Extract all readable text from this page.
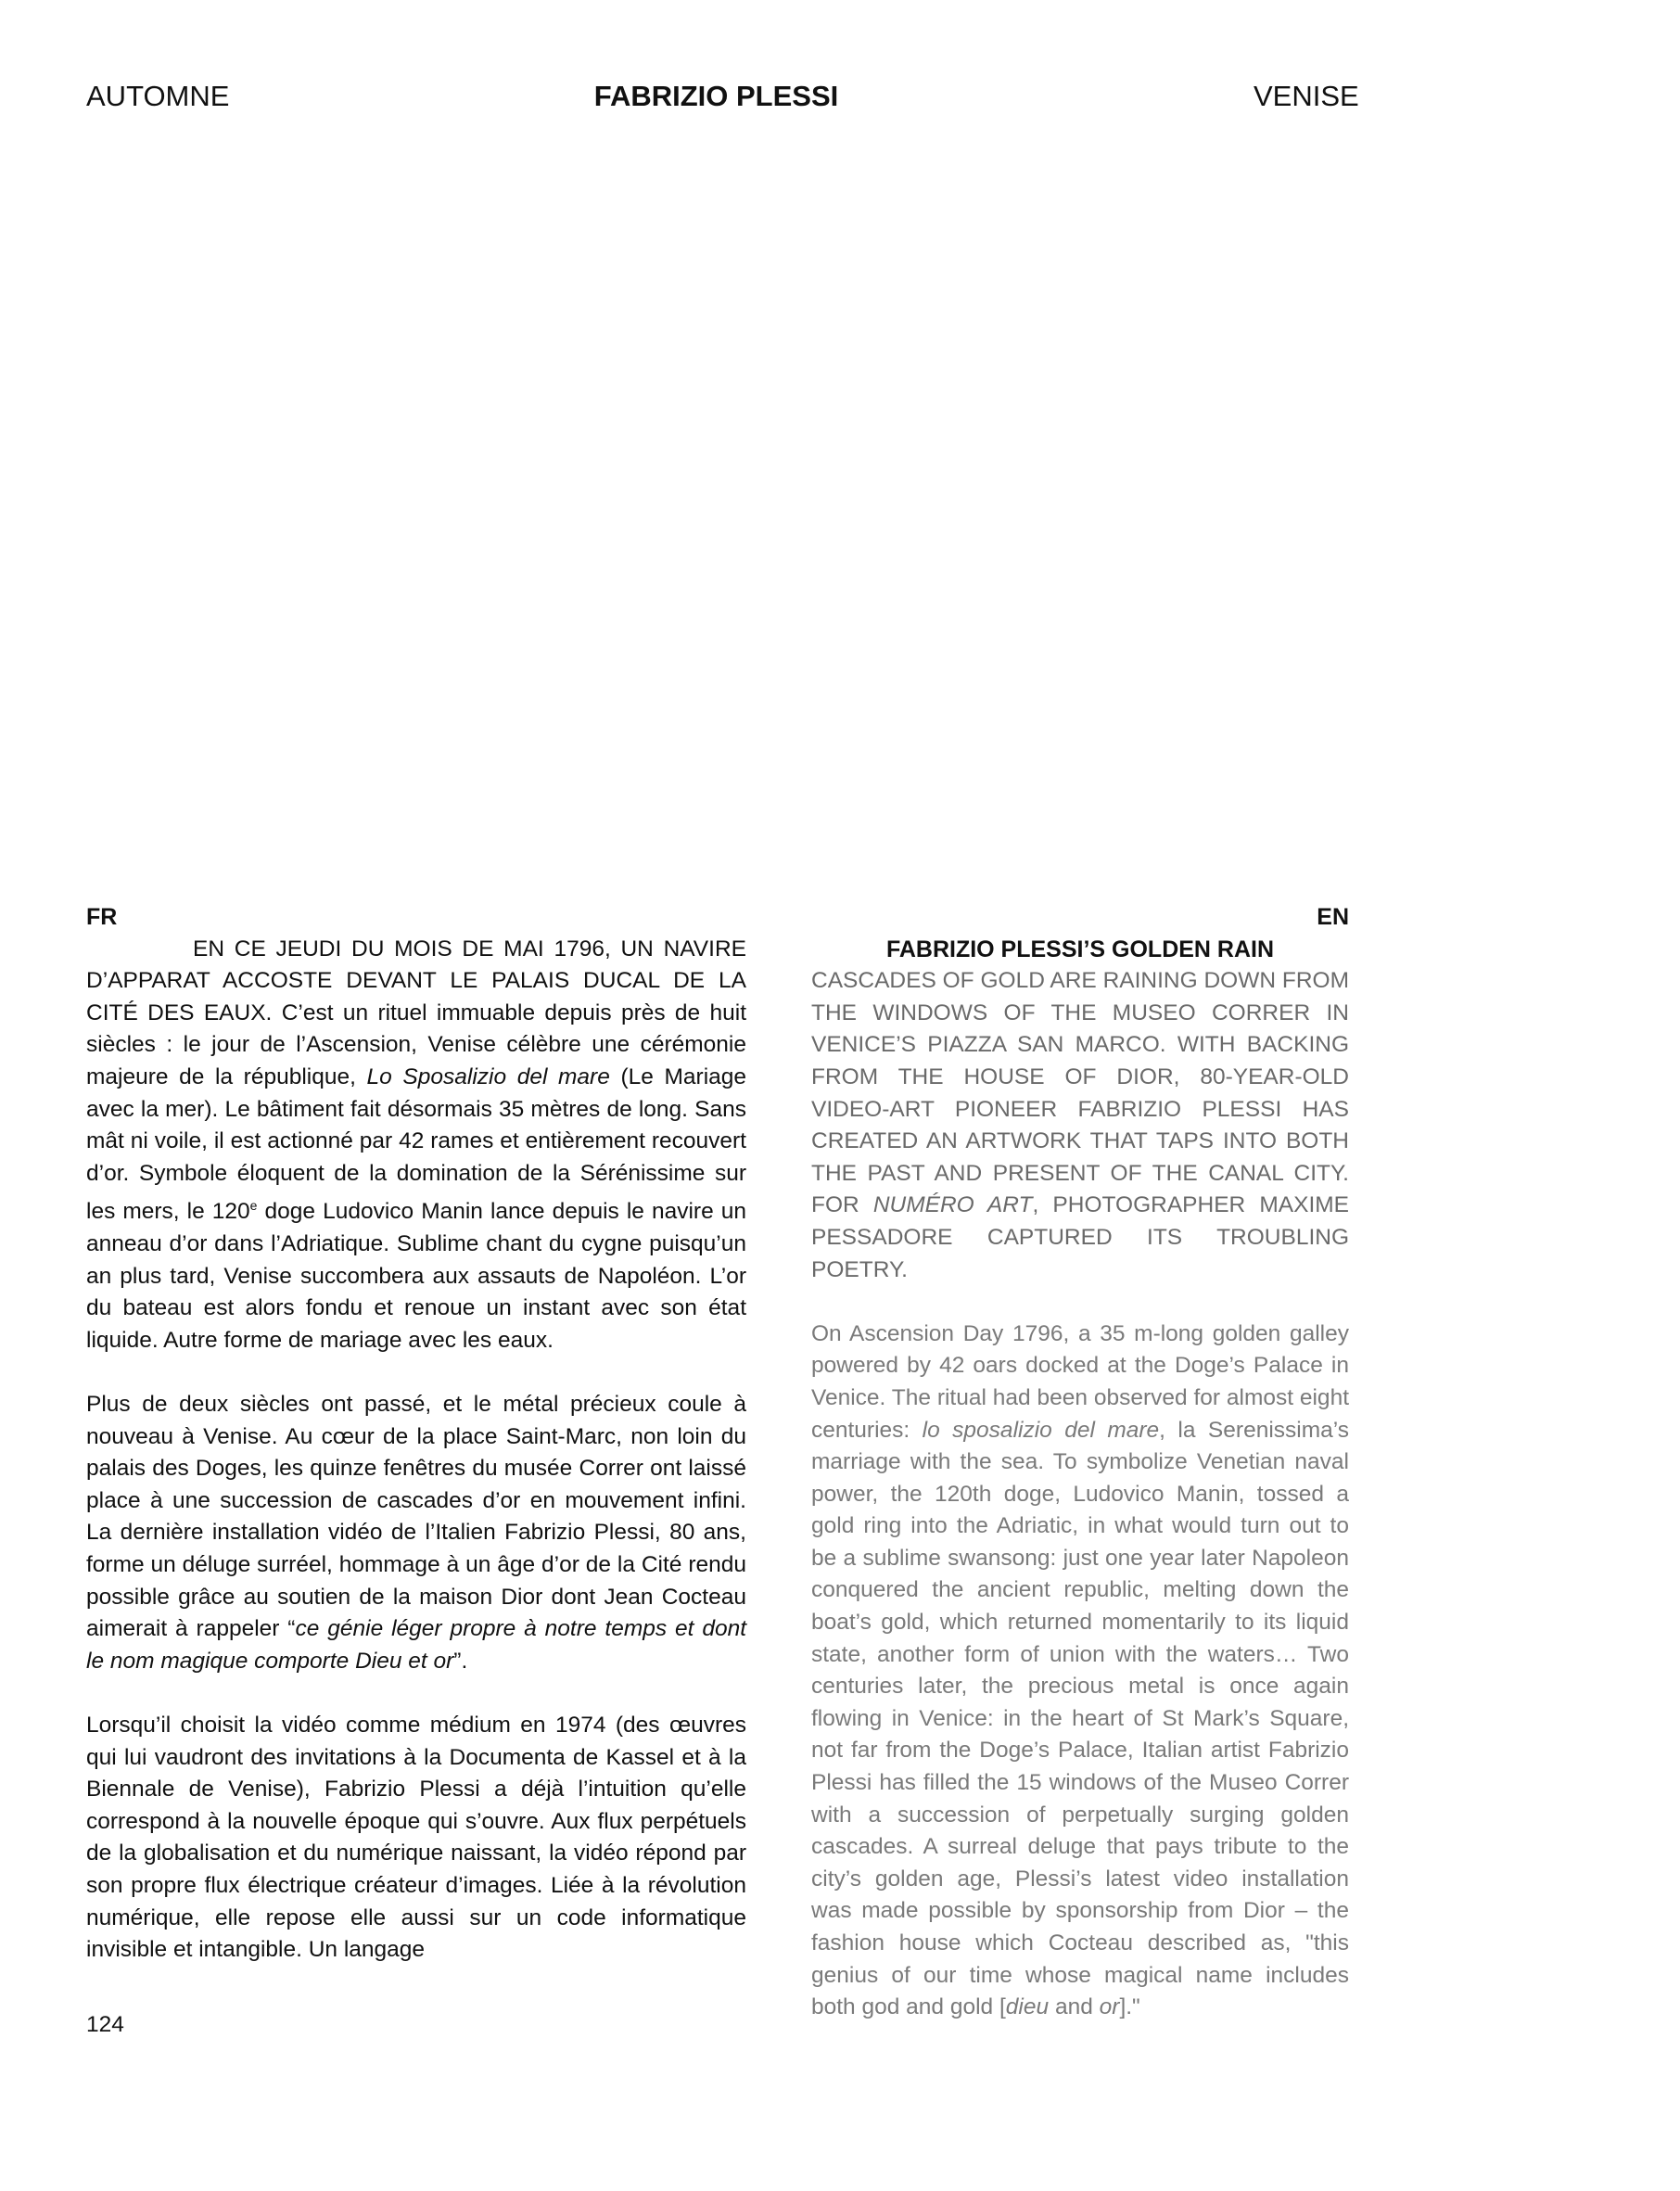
AUTOMNE	FABRIZIO PLESSI	VENISE
FR

EN CE JEUDI DU MOIS DE MAI 1796, UN NAVIRE D’APPARAT ACCOSTE DEVANT LE PALAIS DUCAL DE LA CITÉ DES EAUX. C’est un rituel immuable depuis près de huit siècles : le jour de l’Ascension, Venise célèbre une cérémonie majeure de la république, Lo Sposalizio del mare (Le Mariage avec la mer). Le bâtiment fait désormais 35 mètres de long. Sans mât ni voile, il est actionné par 42 rames et entièrement recouvert d’or. Symbole éloquent de la domination de la Sérénissime sur les mers, le 120e doge Ludovico Manin lance depuis le navire un anneau d’or dans l’Adriatique. Sublime chant du cygne puisqu’un an plus tard, Venise succombera aux assauts de Napoléon. L’or du bateau est alors fondu et renoue un instant avec son état liquide. Autre forme de mariage avec les eaux.

Plus de deux siècles ont passé, et le métal précieux coule à nouveau à Venise. Au cœur de la place Saint-Marc, non loin du palais des Doges, les quinze fenêtres du musée Correr ont laissé place à une succession de cascades d’or en mouvement infini. La dernière installation vidéo de l’Italien Fabrizio Plessi, 80 ans, forme un déluge surréel, hommage à un âge d’or de la Cité rendu possible grâce au soutien de la maison Dior dont Jean Cocteau aimerait à rappeler “ce génie léger propre à notre temps et dont le nom magique comporte Dieu et or”.

Lorsqu’il choisit la vidéo comme médium en 1974 (des œuvres qui lui vaudront des invitations à la Documenta de Kassel et à la Biennale de Venise), Fabrizio Plessi a déjà l’intuition qu’elle correspond à la nouvelle époque qui s’ouvre. Aux flux perpétuels de la globalisation et du numérique naissant, la vidéo répond par son propre flux électrique créateur d’images. Liée à la révolution numérique, elle repose elle aussi sur un code informatique invisible et intangible. Un langage

EN
FABRIZIO PLESSI’S GOLDEN RAIN

CASCADES OF GOLD ARE RAINING DOWN FROM THE WINDOWS OF THE MUSEO CORRER IN VENICE’S PIAZZA SAN MARCO. WITH BACKING FROM THE HOUSE OF DIOR, 80-YEAR-OLD VIDEO-ART PIONEER FABRIZIO PLESSI HAS CREATED AN ARTWORK THAT TAPS INTO BOTH THE PAST AND PRESENT OF THE CANAL CITY. FOR NUMÉRO ART, PHOTOGRAPHER MAXIME PESSADORE CAPTURED ITS TROUBLING POETRY.

On Ascension Day 1796, a 35 m-long golden galley powered by 42 oars docked at the Doge’s Palace in Venice. The ritual had been observed for almost eight centuries: lo sposalizio del mare, la Serenissima’s marriage with the sea. To symbolize Venetian naval power, the 120th doge, Ludovico Manin, tossed a gold ring into the Adriatic, in what would turn out to be a sublime swansong: just one year later Napoleon conquered the ancient republic, melting down the boat’s gold, which returned momentarily to its liquid state, another form of union with the waters… Two centuries later, the precious metal is once again flowing in Venice: in the heart of St Mark’s Square, not far from the Doge’s Palace, Italian artist Fabrizio Plessi has filled the 15 windows of the Museo Correr with a succession of perpetually surging golden cascades. A surreal deluge that pays tribute to the city’s golden age, Plessi’s latest video installation was made possible by sponsorship from Dior – the fashion house which Cocteau described as, "this genius of our time whose magical name includes both god and gold [dieu and or]."

124
